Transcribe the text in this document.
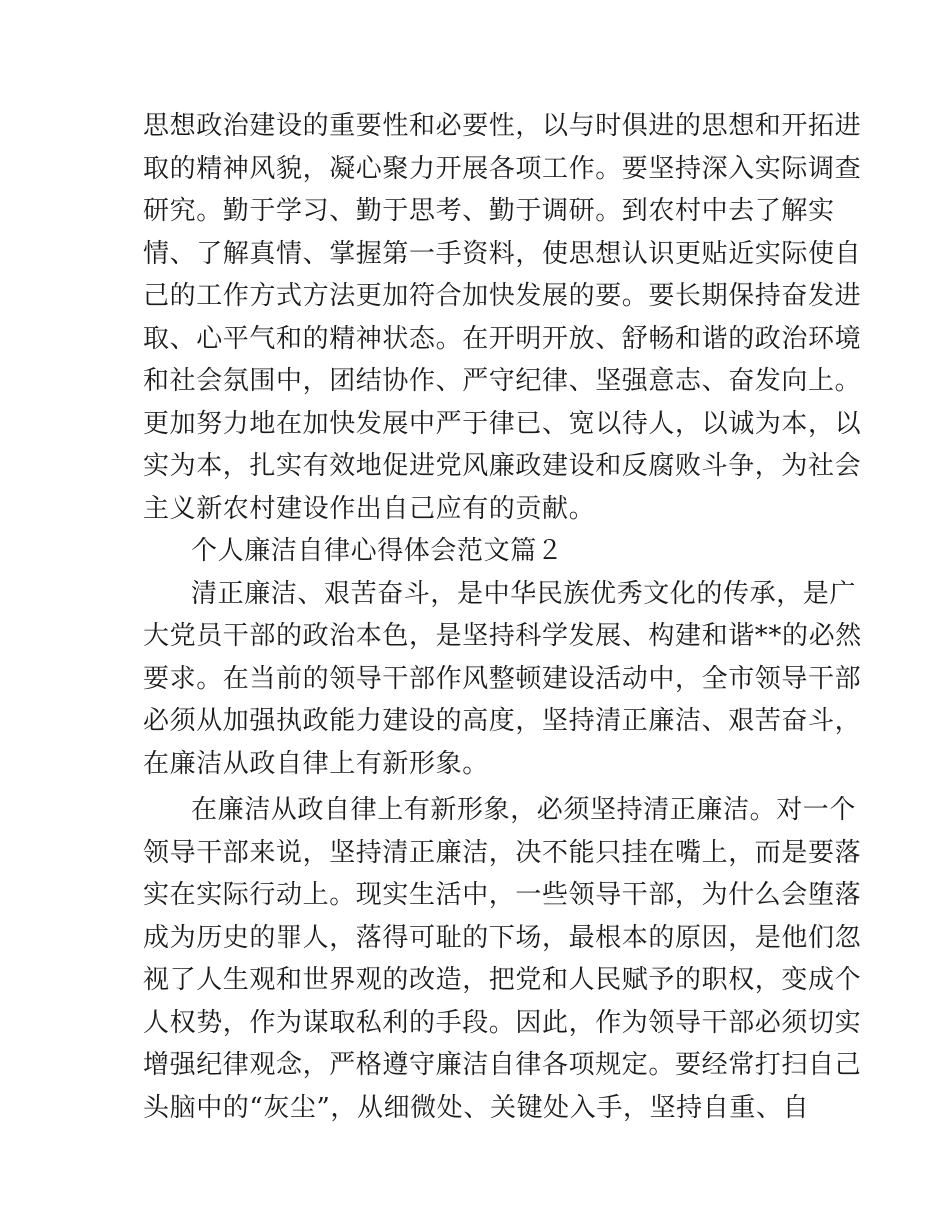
思想政治建设的重要性和必要性，以与时俱进的思想和开拓进
取的精神风貌，凝心聚力开展各项工作。要坚持深入实际调查
研究。勤于学习、勤于思考、勤于调研。到农村中去了解实
情、了解真情、掌握第一手资料，使思想认识更贴近实际使自
己的工作方式方法更加符合加快发展的要。要长期保持奋发进
取、心平气和的精神状态。在开明开放、舒畅和谐的政治环境
和社会氛围中，团结协作、严守纪律、坚强意志、奋发向上。
更加努力地在加快发展中严于律已、宽以待人，以诚为本，以
实为本，扎实有效地促进党风廉政建设和反腐败斗争，为社会
主义新农村建设作出自己应有的贡献。
个人廉洁自律心得体会范文篇２
清正廉洁、艰苦奋斗，是中华民族优秀文化的传承，是广
大党员干部的政治本色，是坚持科学发展、构建和谐**的必然
要求。在当前的领导干部作风整顿建设活动中，全市领导干部
必须从加强执政能力建设的高度，坚持清正廉洁、艰苦奋斗，
在廉洁从政自律上有新形象。
在廉洁从政自律上有新形象，必须坚持清正廉洁。对一个
领导干部来说，坚持清正廉洁，决不能只挂在嘴上，而是要落
实在实际行动上。现实生活中，一些领导干部，为什么会堕落
成为历史的罪人，落得可耻的下场，最根本的原因，是他们忽
视了人生观和世界观的改造，把党和人民赋予的职权，变成个
人权势，作为谋取私利的手段。因此，作为领导干部必须切实
增强纪律观念，严格遵守廉洁自律各项规定。要经常打扫自己
头脑中的“灰尘”，从细微处、关键处入手，坚持自重、自
